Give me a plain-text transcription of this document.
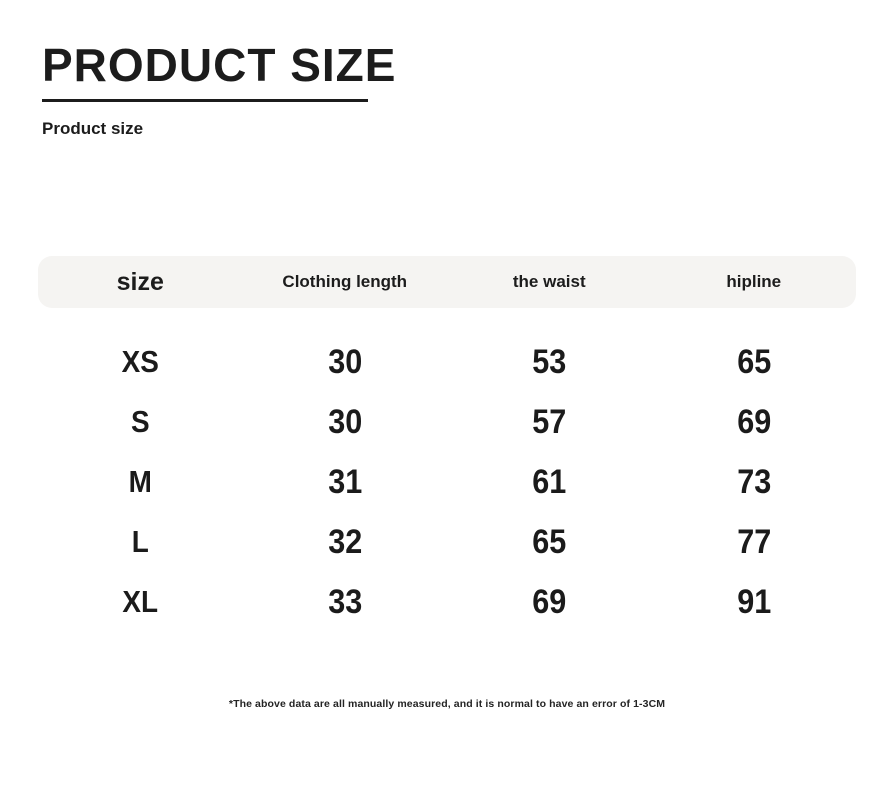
PRODUCT SIZE
Product size
size	Clothing length	the waist	hipline
XS	30	53	65
S	30	57	69
M	31	61	73
L	32	65	77
XL	33	69	91
*The above data are all manually measured, and it is normal to have an error of 1-3CM
